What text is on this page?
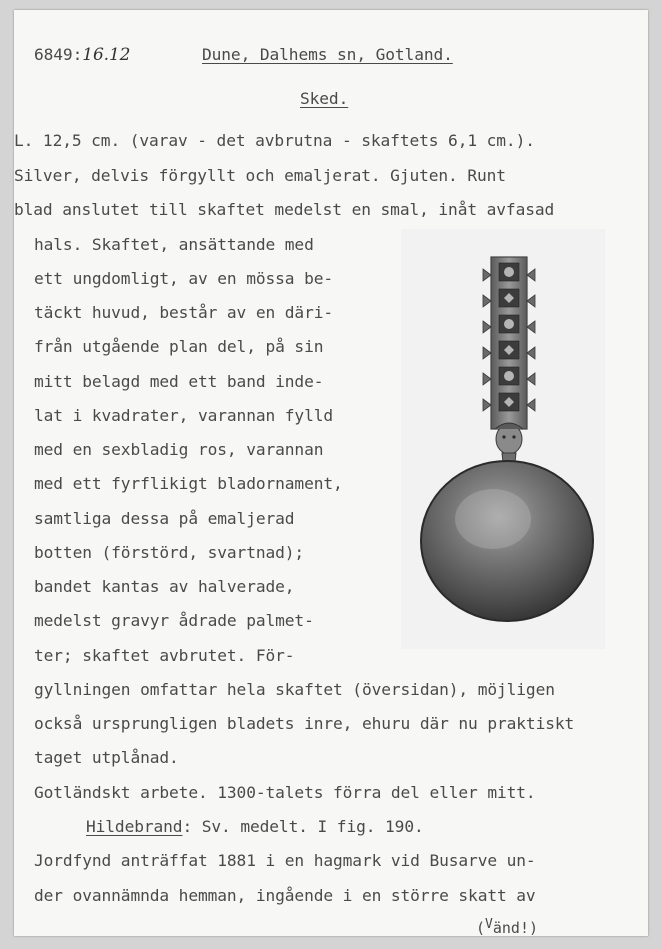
6849:16.12	Dune, Dalhems sn, Gotland.
Sked.
L. 12,5 cm. (varav - det avbrutna - skaftets 6,1 cm.).
Silver, delvis förgyllt och emaljerat. Gjuten. Runt
blad anslutet till skaftet medelst en smal, inåt avfasad
hals. Skaftet, ansättande med
ett ungdomligt, av en mössa be-
täckt huvud, består av en däri-
från utgående plan del, på sin
mitt belagd med ett band inde-
lat i kvadrater, varannan fylld
med en sexbladig ros, varannan
med ett fyrflikigt bladornament,
samtliga dessa på emaljerad
botten (förstörd, svartnad);
bandet kantas av halverade,
medelst gravyr ådrade palmet-
ter; skaftet avbrutet. För-
gyllningen omfattar hela skaftet (översidan), möjligen
också ursprungligen bladets inre, ehuru där nu praktiskt
taget utplånad.
Gotländskt arbete. 1300-talets förra del eller mitt.
Hildebrand: Sv. medelt. I fig. 190.
Jordfynd anträffat 1881 i en hagmark vid Busarve un-
der ovannämnda hemman, ingående i en större skatt av
(Vänd!)
